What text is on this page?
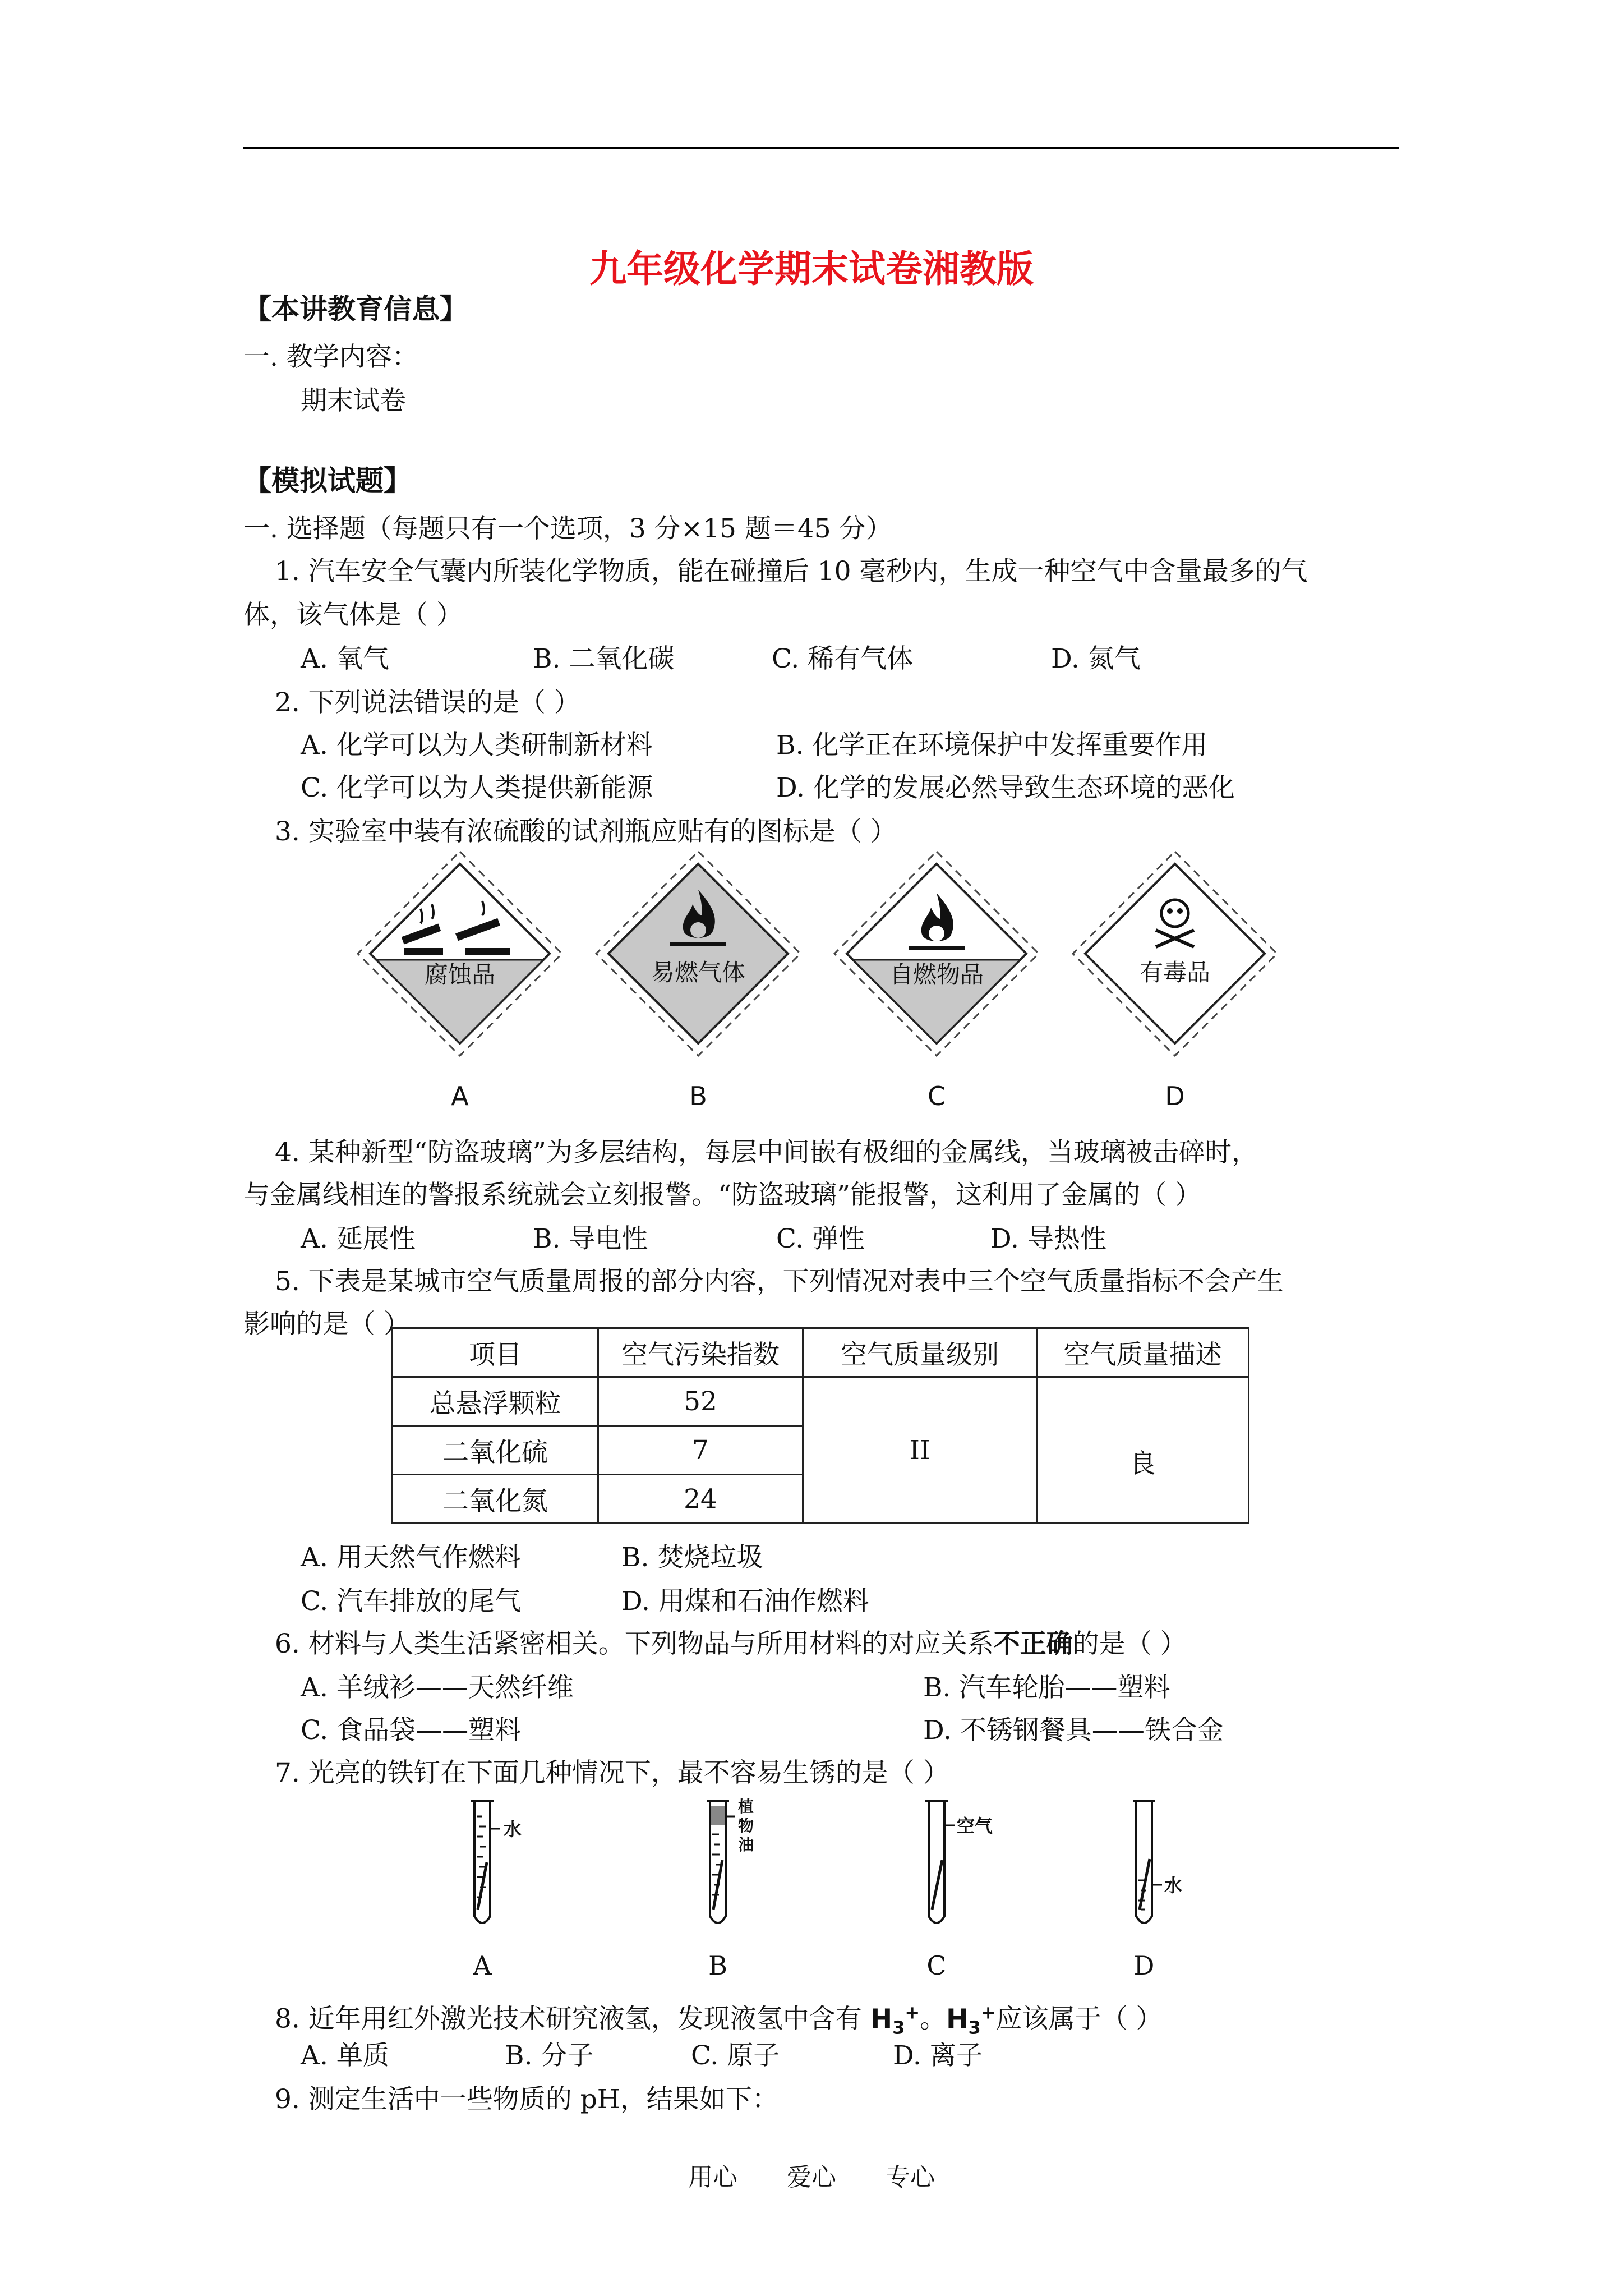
九年级化学期末试卷湘教版
【本讲教育信息】
一. 教学内容：
期末试卷
【模拟试题】
一. 选择题（每题只有一个选项，3 分×15 题＝45 分）
1. 汽车安全气囊内所装化学物质，能在碰撞后 10 毫秒内，生成一种空气中含量最多的气
体，该气体是（ ）
A. 氧气	B. 二氧化碳	C. 稀有气体	D. 氮气
2. 下列说法错误的是（ ）
A. 化学可以为人类研制新材料	B. 化学正在环境保护中发挥重要作用
C. 化学可以为人类提供新能源	D. 化学的发展必然导致生态环境的恶化
3. 实验室中装有浓硫酸的试剂瓶应贴有的图标是（ ）
腐蚀品
A
易燃气体
B
自燃物品
C
有毒品
D
4. 某种新型“防盗玻璃”为多层结构，每层中间嵌有极细的金属线，当玻璃被击碎时，
与金属线相连的警报系统就会立刻报警。“防盗玻璃”能报警，这利用了金属的（ ）
A. 延展性	B. 导电性	C. 弹性	D. 导热性
5. 下表是某城市空气质量周报的部分内容，下列情况对表中三个空气质量指标不会产生
影响的是（ ）
项目	空气污染指数	空气质量级别	空气质量描述
总悬浮颗粒	52	II	良
二氧化硫	7		
二氧化氮	24		
A. 用天然气作燃料	B. 焚烧垃圾
C. 汽车排放的尾气	D. 用煤和石油作燃料
6. 材料与人类生活紧密相关。下列物品与所用材料的对应关系不正确的是（ ）
A. 羊绒衫——天然纤维	B. 汽车轮胎——塑料
C. 食品袋——塑料	D. 不锈钢餐具——铁合金
7. 光亮的铁钉在下面几种情况下，最不容易生锈的是（ ）
水
A
植物油
B
空气
C
水
D
8. 近年用红外激光技术研究液氢，发现液氢中含有 $H_3^+$。$H_3^+$应该属于（ ）
A. 单质	B. 分子	C. 原子	D. 离子
9. 测定生活中一些物质的 pH，结果如下：
用心 爱心 专心
